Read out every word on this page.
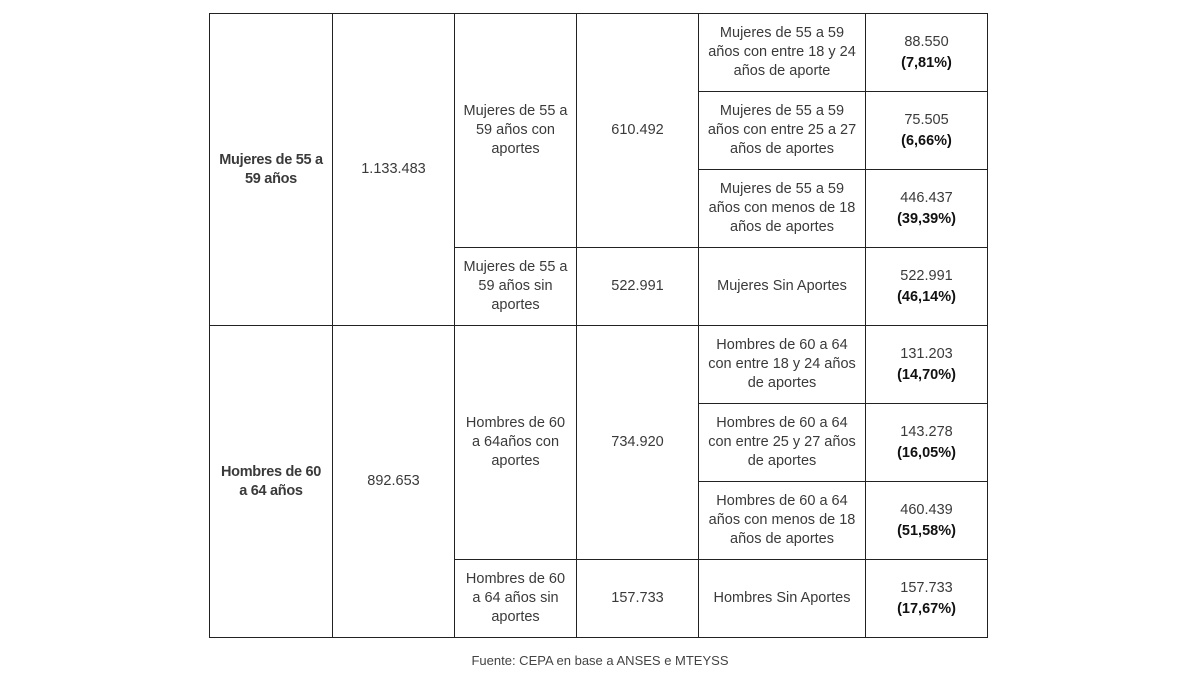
Mujeres de 55 a 59 años	1.133.483	Mujeres de 55 a 59 años con aportes	610.492	Mujeres de 55 a 59 años con entre 18 y 24 años de aporte	88.550
(7,81%)

				Mujeres de 55 a 59 años con entre 25 a 27 años de aportes	75.505
(6,66%)

				Mujeres de 55 a 59 años con menos de 18 años de aportes	446.437
(39,39%)

		Mujeres de 55 a 59 años sin aportes	522.991	Mujeres Sin Aportes	522.991
(46,14%)

Hombres de 60 a 64 años	892.653	Hombres de 60 a 64años con aportes	734.920	Hombres de 60 a 64 con entre 18 y 24 años de aportes	131.203
(14,70%)

				Hombres de 60 a 64 con entre 25 y 27 años de aportes	143.278
(16,05%)

				Hombres de 60 a 64 años con menos de 18 años de aportes	460.439
(51,58%)

		Hombres de 60 a 64 años sin aportes	157.733	Hombres Sin Aportes	157.733
(17,67%)
Fuente: CEPA en base a ANSES e MTEYSS
